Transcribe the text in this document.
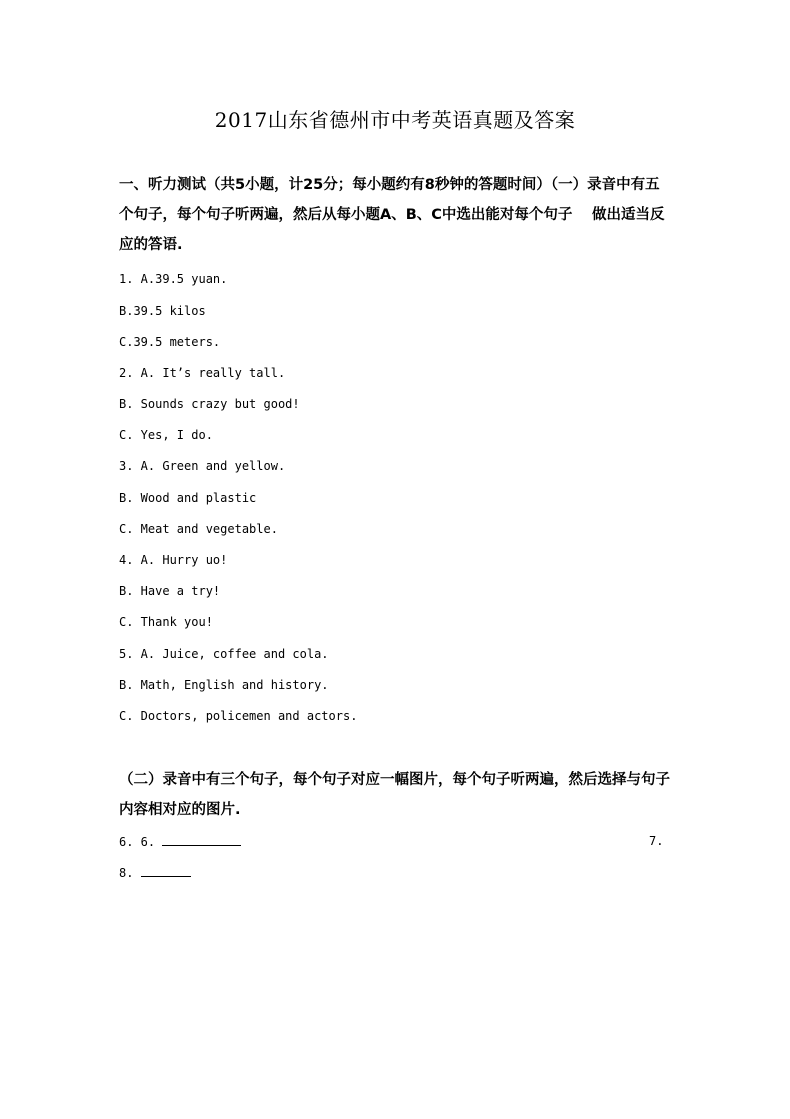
2017山东省德州市中考英语真题及答案
一、听力测试（共5小题，计25分；每小题约有8秒钟的答题时间）（一）录音中有五个句子，每个句子听两遍，然后从每小题A、B、C中选出能对每个句子　 做出适当反应的答语.
1. A.39.5 yuan.
B.39.5 kilos
C.39.5 meters.
2. A. It’s really tall.
B. Sounds crazy but good!
C. Yes, I do.
3. A. Green and yellow.
B. Wood and plastic
C. Meat and vegetable.
4. A. Hurry uo!
B. Have a try!
C. Thank you!
5. A. Juice, coffee and cola.
B. Math, English and history.
C. Doctors, policemen and actors.
（二）录音中有三个句子，每个句子对应一幅图片，每个句子听两遍，然后选择与句子内容相对应的图片.
6. 6.	7.
8.
